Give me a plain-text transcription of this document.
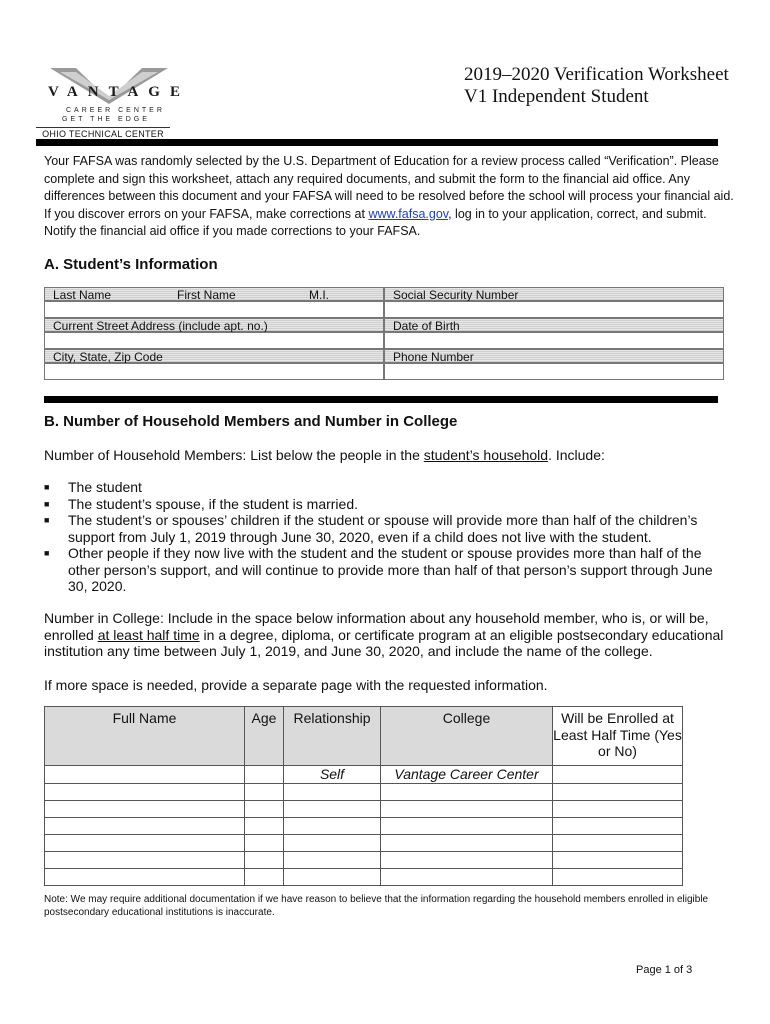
VANTAGE
CAREER CENTER
GET THE EDGE
OHIO TECHNICAL CENTER
2019–2020 Verification Worksheet
V1 Independent Student
Your FAFSA was randomly selected by the U.S. Department of Education for a review process called “Verification”. Please complete and sign this worksheet, attach any required documents, and submit the form to the financial aid office. Any differences between this document and your FAFSA will need to be resolved before the school will process your financial aid. If you discover errors on your FAFSA, make corrections at www.fafsa.gov, log in to your application, correct, and submit. Notify the financial aid office if you made corrections to your FAFSA.
A. Student’s Information
Last Name	First Name	M.I.	Social Security Number
Current Street Address (include apt. no.)	Date of Birth
City, State, Zip Code	Phone Number
B. Number of Household Members and Number in College
Number of Household Members: List below the people in the student’s household. Include:
■	The student
■	The student’s spouse, if the student is married.
■	The student’s or spouses’ children if the student or spouse will provide more than half of the children’s support from July 1, 2019 through June 30, 2020, even if a child does not live with the student.
■	Other people if they now live with the student and the student or spouse provides more than half of the other person’s support, and will continue to provide more than half of that person’s support through June 30, 2020.
Number in College: Include in the space below information about any household member, who is, or will be, enrolled at least half time in a degree, diploma, or certificate program at an eligible postsecondary educational institution any time between July 1, 2019, and June 30, 2020, and include the name of the college.
If more space is needed, provide a separate page with the requested information.
Full Name	Age	Relationship	College	Will be Enrolled at Least Half Time (Yes or No)
		Self	Vantage Career Center	

Note: We may require additional documentation if we have reason to believe that the information regarding the household members enrolled in eligible postsecondary educational institutions is inaccurate.
Page 1 of 3
